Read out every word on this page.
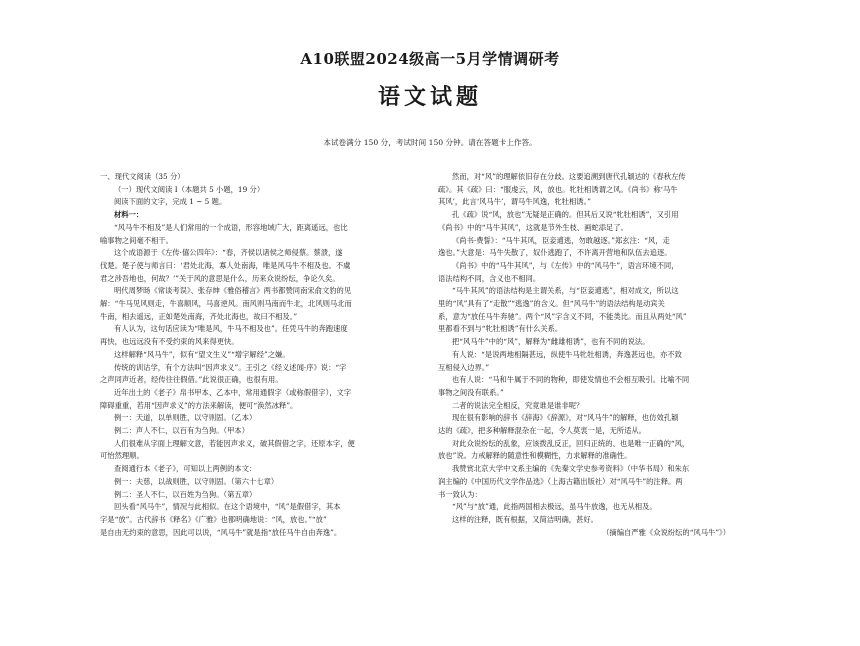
A10联盟2024级高一5月学情调研考
语文试题
本试卷满分 150 分，考试时间 150 分钟。请在答题卡上作答。

一、现代文阅读（35 分）

（一）现代文阅读 Ⅰ（本题共 5 小题，19 分）

阅读下面的文字，完成 1 ~ 5 题。

材料一：

“风马牛不相及”是人们常用的一个成语，形容地域广大，距离遥远，也比

喻事物之间毫不相干。

这个成语源于《左传·僖公四年》：“春，齐侯以诸侯之师侵蔡。蔡溃，遂

伐楚。楚子使与师言曰：‘君处北海，寡人处南海，唯是风马牛不相及也。不虞

君之涉吾地也，何故？’”关于风的意思是什么，历来众说纷纭，争论久矣。

明代周梦旸《常谈考误》、张存绅《雅俗稽言》两书都赞同南宋俞文豹的见

解：“牛马见风则走，牛喜顺风，马喜逆风。南风则马南而牛北，北风则马北而

牛南，相去遥远，正如楚处南海，齐处北海也，故曰不相及。”

有人认为，这句话应读为“唯是风，牛马不相及也”。任凭马牛的奔跑速度

再快，也远远没有不受约束的风来得更快。

这样解释“风马牛”，似有“望文生义”“增字解经”之嫌。

传统的训诂学，有个方法叫“因声求义”。王引之《经义述闻·序》说：“字

之声同声近者，经传往往假借。”此说很正确，也很有用。

近年出土的《老子》帛书甲本、乙本中，常用通假字（或称假借字），文字

障碍重重，若用“因声求义”的方法来解读，便可“涣然冰释”。

例一：天道，以单则胜，以守则固。（乙本）

例二：声人不仁，以百有为刍狗。（甲本）

人们很难从字面上理解文意，若能因声求义，破其假借之字，还原本字，便

可怡然理顺。

查阅通行本《老子》，可知以上两例的本文：

例一：夫慈，以战则胜，以守则固。（第六十七章）

例二：圣人不仁，以百姓为刍狗。（第五章）

回头看“风马牛”，情况与此相似。在这个语境中，“风”是假借字，其本

字是“放”。古代辞书《释名》《广雅》也都明确地说：“风，放也。”“放”

是自由无约束的意思，因此可以说，“风马牛”就是指“放任马牛自由奔逸”。

然而，对“风”的理解依旧存在分歧。这要追溯到唐代孔颖达的《春秋左传

疏》。其《疏》曰：“服虔云，风，放也。牝牡相诱谓之风。《尚书》称‘马牛

其风’，此言‘风马牛’，谓马牛风逸，牝牡相诱。”

孔《疏》说“风，放也”无疑是正确的。但其后又说“牝牡相诱”，又引用

《尚书》中的“马牛其风”，这就是节外生枝、画蛇添足了。

《尚书·费誓》：“马牛其风，臣妾逋逃，勿敢越逐。”郑玄注：“风，走

逸也。”大意是：马牛失散了，奴仆逃跑了，不许离开营地和队伍去追逐。

《尚书》中的“马牛其风”，与《左传》中的“风马牛”，语言环境不同，

语法结构不同，含义也不相同。

“马牛其风”的语法结构是主谓关系，与“臣妾逋逃”，相对成文，所以这

里的“风”具有了“走散”“逃逸”的含义。但“风马牛”的语法结构是动宾关

系，意为“放任马牛奔驰”。两个“风”字含义不同，不能类比。而且从两处“风”

里都看不到与“牝牡相诱”有什么关系。

把“风马牛”中的“风”，解释为“雌雄相诱”，也有不同的说法。

有人说：“是说两地相隔甚远，纵使牛马牝牡相诱，奔逸甚远也，亦不致

互相侵入边界。”

也有人说：“马和牛属于不同的物种，即使发情也不会相互吸引。比喻不同

事物之间没有联系。”

二者的说法完全相反，究竟谁是谁非呢？

现在很有影响的辞书《辞海》《辞源》，对“风马牛”的解释，也仿效孔颖

达的《疏》，把多种解释混杂在一起，令人莫衷一是，无所适从。

对此众说纷纭的乱象，应该拨乱反正，回归正统的、也是唯一正确的“风，

放也”说。力戒解释的随意性和模糊性，力求解释的准确性。

我赞赏北京大学中文系主编的《先秦文学史参考资料》（中华书局）和朱东

润主编的《中国历代文学作品选》（上海古籍出版社）对“风马牛”的注释。两

书一致认为：

“风”与“放”通，此指两国相去极远，虽马牛放逸，也无从相及。

这样的注释，既有根据，又简洁明确，甚好。

（摘编自严雅《众说纷纭的“风马牛”》）
